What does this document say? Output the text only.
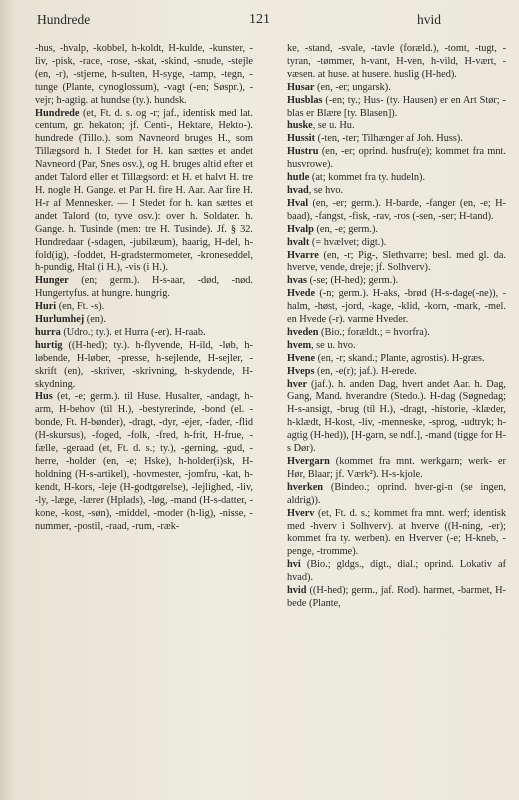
Hundrede	121	hvid

-hus, -hvalp, -kobbel, h-koldt, H-kulde, -kunster, -liv, -pisk, -race, -rose, -skat, -skind, -snude, -stejle (en, -r), -stjerne, h-sulten, H-syge, -tamp, -tegn, -tunge (Plante, cynoglossum), -vagt (-en; Søspr.), -vejr; h-agtig. at hundse (ty.). hundsk.

Hundrede (et, Ft. d. s. og -r; jaf., identisk med lat. centum, gr. hekaton; jf. Centi-, Hektare, Hekto-). hundrede (Tillo.). som Navneord bruges H., som Tillægsord h. I Stedet for H. kan sættes et andet Navneord (Par, Snes osv.), og H. bruges altid efter et andet Talord eller et Tillægsord: et H. et halvt H. tre H. nogle H. Gange. et Par H. fire H. Aar. Aar fire H. H-r af Mennesker. — I Stedet for h. kan sættes et andet Talord (to, tyve osv.): over h. Soldater. h. Gange. h. Tusinde (men: tre H. Tusinde). Jf. § 32. Hundredaar (-sdagen, -jubilæum), haarig, H-del, h-fold(ig), -foddet, H-gradstermometer, -kroneseddel, h-pundig, Htal (i H.), -vis (i H.).

Hunger (en; germ.). H-s-aar, -død, -nød. Hungertyfus. at hungre. hungrig.

Huri (en, Ft. -s).

Hurlumhej (en).

hurra (Udro.; ty.). et Hurra (-er). H-raab.

hurtig ((H-hed); ty.). h-flyvende, H-ild, -løb, h-løbende, H-løber, -presse, h-sejlende, H-sejler, -skrift (en), -skriver, -skrivning, h-skydende, H-skydning.

Hus (et, -e; germ.). til Huse. Husalter, -andagt, h-arm, H-behov (til H.), -bestyrerinde, -bond (el. -bonde, Ft. H-bønder), -dragt, -dyr, -ejer, -fader, -flid (H-skursus), -foged, -folk, -fred, h-frit, H-frue, -fælle, -geraad (et, Ft. d. s.; ty.), -gerning, -gud, -herre, -holder (en, -e; Hske), h-holder(i)sk, H-holdning (H-s-artikel), -hovmester, -jomfru, -kat, h-kendt, H-kors, -leje (H-godtgørelse), -lejlighed, -liv, -ly, -læge, -lærer (Hplads), -løg, -mand (H-s-datter, -kone, -kost, -søn), -middel, -moder (h-lig), -nisse, -nummer, -postil, -raad, -rum, -ræk-

ke, -stand, -svale, -tavle (foræld.), -tomt, -tugt, -tyran, -tømmer, h-vant, H-ven, h-vild, H-vært, -væsen. at huse. at husere. huslig (H-hed).

Husar (en, -er; ungarsk).

Husblas (-en; ty.; Hus- (ty. Hausen) er en Art Stør; -blas er Blære [ty. Blasen]).

huske, se u. Hu.

Hussit (-ten, -ter; Tilhænger af Joh. Huss).

Hustru (en, -er; oprind. husfru(e); kommet fra mnt. husvrowe).

hutle (at; kommet fra ty. hudeln).

hvad, se hvo.

Hval (en, -er; germ.). H-barde, -fanger (en, -e; H-baad), -fangst, -fisk, -rav, -ros (-sen, -ser; H-tand).

Hvalp (en, -e; germ.).

hvalt (= hvælvet; digt.).

Hvarre (en, -r; Pig-, Slethvarre; besl. med gl. da. hverve, vende, dreje; jf. Solhverv).

hvas (-se; (H-hed); germ.).

Hvede (-n; germ.). H-aks, -brød (H-s-dage(-ne)), -halm, -høst, -jord, -kage, -klid, -korn, -mark, -mel. en Hvede (-r). varme Hveder.

hveden (Bio.; forældt.; = hvorfra).

hvem, se u. hvo.

Hvene (en, -r; skand.; Plante, agrostis). H-græs.

Hveps (en, -e(r); jaf.). H-erede.

hver (jaf.). h. anden Dag, hvert andet Aar. h. Dag, Gang, Mand. hverandre (Stedo.). H-dag (Søgnedag; H-s-ansigt, -brug (til H.), -dragt, -historie, -klæder, h-klædt, H-kost, -liv, -menneske, -sprog, -udtryk; h-agtig (H-hed)), [H-garn, se ndf.], -mand (tigge for H-s Dør).

Hvergarn (kommet fra mnt. werkgarn; werk- er Hør, Blaar; jf. Værk²). H-s-kjole.

hverken (Bindeo.; oprind. hver-gi-n (se ingen, aldrig)).

Hverv (et, Ft. d. s.; kommet fra mnt. werf; identisk med -hverv i Solhverv). at hverve ((H-ning, -er); kommet fra ty. werben). en Hverver (-e; H-kneb, -penge, -tromme).

hvi (Bio.; gldgs., digt., dial.; oprind. Lokativ af hvad).

hvid ((H-hed); germ., jaf. Rod). harmet, -barmet, H-bede (Plante,
